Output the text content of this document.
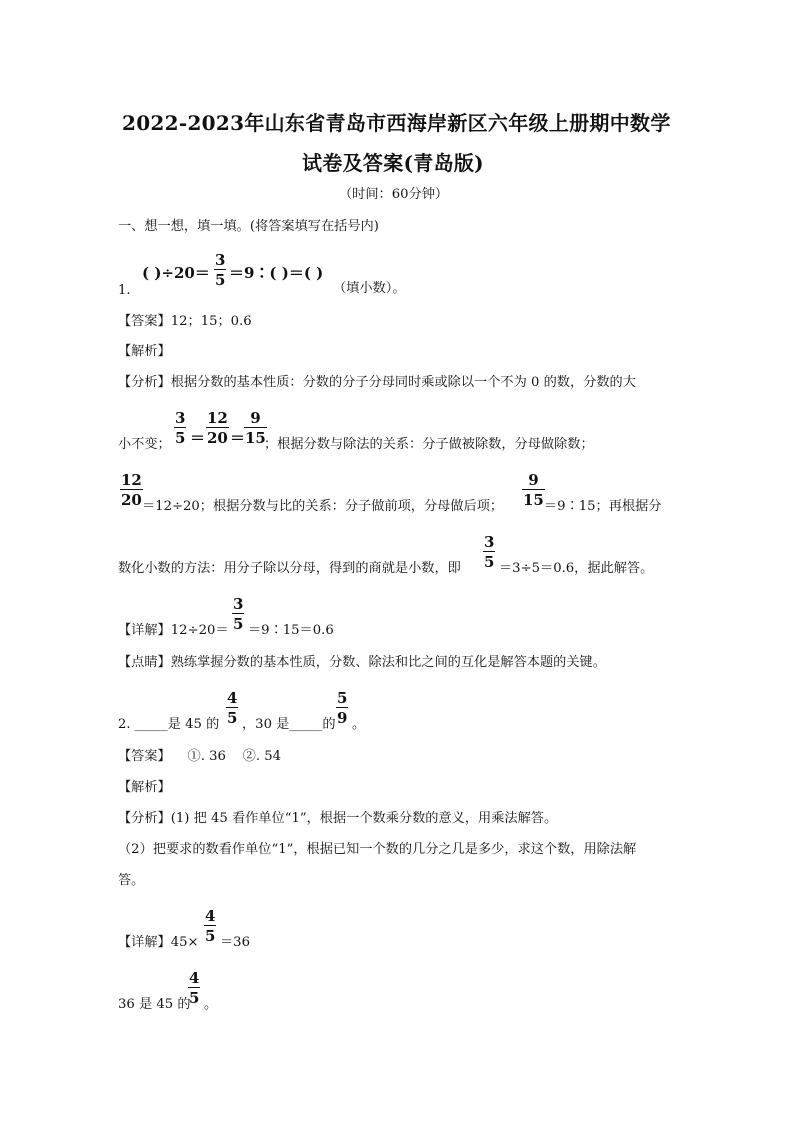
2022-2023年山东省青岛市西海岸新区六年级上册期中数学
试卷及答案(青岛版)
（时间：60分钟）
一、想一想，填一填。(将答案填写在括号内)
( )÷20＝
3
5 ＝9∶( )＝( )
1.	（填小数）。
【答案】12；15；0.6
【解析】
【分析】根据分数的基本性质：分数的分子分母同时乘或除以一个不为 0 的数，分数的大
小不变；
3
5 ＝
12
20 ＝
9
15
；根据分数与除法的关系：分子做被除数，分母做除数；
12
20 ＝12÷20；根据分数与比的关系：分子做前项，分母做后项；
9
15 ＝9∶15；再根据分
数化小数的方法：用分子除以分母，得到的商就是小数，即
3
5 ＝3÷5＝0.6，据此解答。
【详解】12÷20＝
3
5 ＝9∶15＝0.6
【点睛】熟练掌握分数的基本性质，分数、除法和比之间的互化是解答本题的关键。
2. _____是 45 的
4
5 ，30 是_____的
5
9 。
【答案】    ①. 36    ②. 54
【解析】
【分析】(1) 把 45 看作单位“1”，根据一个数乘分数的意义，用乘法解答。
（2）把要求的数看作单位“1”，根据已知一个数的几分之几是多少，求这个数，用除法解
答。
【详解】45×
4
5 ＝36
36 是 45 的
4
5 。
